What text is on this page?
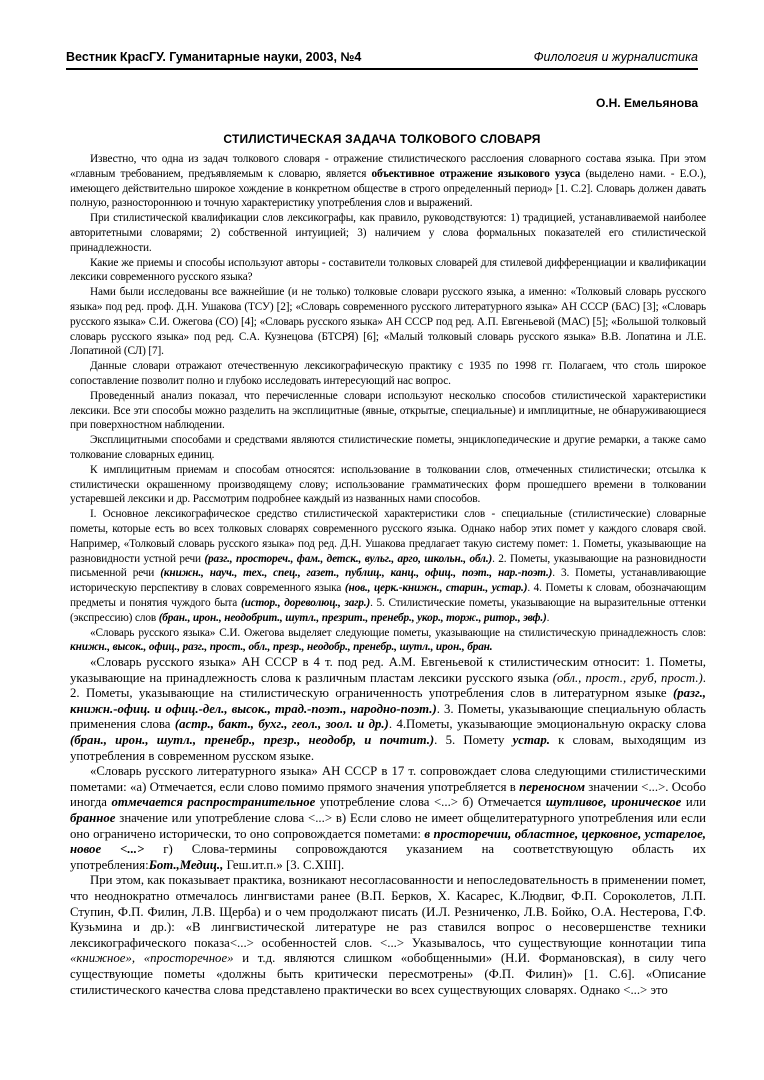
Вестник КрасГУ. Гуманитарные науки, 2003, №4	Филология и журналистика
О.Н. Емельянова
СТИЛИСТИЧЕСКАЯ ЗАДАЧА ТОЛКОВОГО СЛОВАРЯ

Известно, что одна из задач толкового словаря - отражение стилистического расслоения словарного состава языка. При этом «главным требованием, предъявляемым к словарю, является объективное отражение языкового узуса (выделено нами. - Е.О.), имеющего действительно широкое хождение в конкретном обществе в строго определенный период» [1. С.2]. Словарь должен давать полную, разностороннюю и точную характеристику употребления слов и выражений.

При стилистической квалификации слов лексикографы, как правило, руководствуются: 1) традицией, устанавливаемой наиболее авторитетными словарями; 2) собственной интуицией; 3) наличием у слова формальных показателей его стилистической принадлежности.

Какие же приемы и способы используют авторы - составители толковых словарей для стилевой дифференциации и квалификации лексики современного русского языка?

Нами были исследованы все важнейшие (и не только) толковые словари русского языка, а именно: «Толковый словарь русского языка» под ред. проф. Д.Н. Ушакова (ТСУ) [2]; «Словарь современного русского литературного языка» АН СССР (БАС) [3]; «Словарь русского языка» С.И. Ожегова (СО) [4]; «Словарь русского языка» АН СССР под ред. А.П. Евгеньевой (МАС) [5]; «Большой толковый словарь русского языка» под ред. С.А. Кузнецова (БТСРЯ) [6]; «Малый толковый словарь русского языка» В.В. Лопатина и Л.Е. Лопатиной (СЛ) [7].

Данные словари отражают отечественную лексикографическую практику с 1935 по 1998 гг. Полагаем, что столь широкое сопоставление позволит полно и глубоко исследовать интересующий нас вопрос.

Проведенный анализ показал, что перечисленные словари используют несколько способов стилистической характеристики лексики. Все эти способы можно разделить на эксплицитные (явные, открытые, специальные) и имплицитные, не обнаруживающиеся при поверхностном наблюдении.

Эксплицитными способами и средствами являются стилистические пометы, энциклопедические и другие ремарки, а также само толкование словарных единиц.

К имплицитным приемам и способам относятся: использование в толковании слов, отмеченных стилистически; отсылка к стилистически окрашенному производящему слову; использование грамматических форм прошедшего времени в толковании устаревшей лексики и др. Рассмотрим подробнее каждый из названных нами способов.

I. Основное лексикографическое средство стилистической характеристики слов - специальные (стилистические) словарные пометы, которые есть во всех толковых словарях современного русского языка. Однако набор этих помет у каждого словаря свой. Например, «Толковый словарь русского языка» под ред. Д.Н. Ушакова предлагает такую систему помет: 1. Пометы, указывающие на разновидности устной речи (разг., простореч., фам., детск., вульг., арго, школьн., обл.). 2. Пометы, указывающие на разновидности письменной речи (книжн., науч., тех., спец., газет., публиц., канц., офиц., поэт., нар.-поэт.). 3. Пометы, устанавливающие историческую перспективу в словах современного языка (нов., церк.-книжн., старин., устар.). 4. Пометы к словам, обозначающим предметы и понятия чуждого быта (истор., дореволюц., загр.). 5. Стилистические пометы, указывающие на выразительные оттенки (экспрессию) слов (бран., ирон., неодобрит., шутл., презрит., пренебр., укор., торж., ритор., эвф.).

«Словарь русского языка» С.И. Ожегова выделяет следующие пометы, указывающие на стилистическую принадлежность слов: книжн., высок., офиц., разг., прост., обл., презр., неодобр., пренебр., шутл., ирон., бран.

«Словарь русского языка» АН СССР в 4 т. под ред. А.М. Евгеньевой к стилистическим относит: 1. Пометы, указывающие на принадлежность слова к различным пластам лексики русского языка (обл., прост., груб, прост.). 2. Пометы, указывающие на стилистическую ограниченность употребления слов в литературном языке (разг., книжн.-офиц. и офиц.-дел., высок., трад.-поэт., народно-поэт.). 3. Пометы, указывающие специальную область применения слова (астр., бакт., бухг., геол., зоол. и др.). 4.Пометы, указывающие эмоциональную окраску слова (бран., ирон., шутл., пренебр., презр., неодобр, и почтит.). 5. Помету устар. к словам, выходящим из употребления в современном русском языке.

«Словарь русского литературного языка» АН СССР в 17 т. сопровождает слова следующими стилистическими пометами: «а) Отмечается, если слово помимо прямого значения употребляется в переносном значении <...>. Особо иногда отмечается распространительное употребление слова <...> б) Отмечается шутливое, ироническое или бранное значение или употребление слова <...> в) Если слово не имеет общелитературного употребления или если оно ограничено исторически, то оно сопровождается пометами: в просторечии, областное, церковное, устарелое, новое <...> г) Слова-термины сопровождаются указанием на соответствующую область их употребления:Бот.,Медиц., Геш.ит.п.» [3. С.XIII].

При этом, как показывает практика, возникают несогласованности и непоследовательность в применении помет, что неоднократно отмечалось лингвистами ранее (В.П. Берков, Х. Касарес, К.Людвиг, Ф.П. Сороколетов, Л.П. Ступин, Ф.П. Филин, Л.В. Щерба) и о чем продолжают писать (И.Л. Резниченко, Л.В. Бойко, О.А. Нестерова, Г.Ф. Кузьмина и др.): «В лингвистической литературе не раз ставился вопрос о несовершенстве техники лексикографического показа<...> особенностей слов. <...> Указывалось, что существующие коннотации типа «книжное», «просторечное» и т.д. являются слишком «обобщенными» (Н.И. Формановская), в силу чего существующие пометы «должны быть критически пересмотрены» (Ф.П. Филин)» [1. С.6]. «Описание стилистического качества слова представлено практически во всех существующих словарях. Однако <...> это
